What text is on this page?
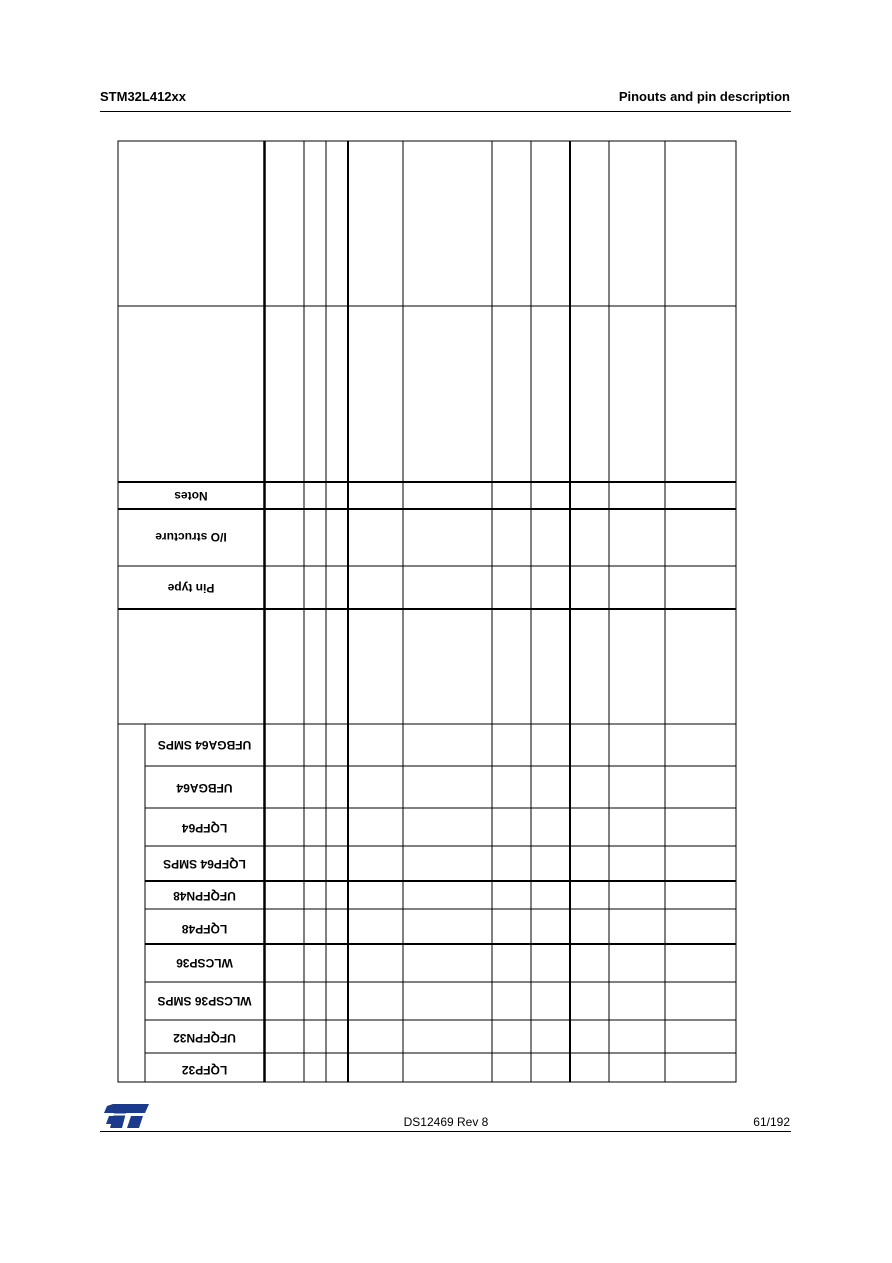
STM32L412xx	Pinouts and pin description
Notes
I/O structure
Pin type
UFBGA64 SMPS
UFBGA64
LQFP64
LQFP64 SMPS
UFQFPN48
LQFP48
WLCSP36
WLCSP36 SMPS
UFQFPN32
LQFP32
DS12469 Rev 8	61/192
